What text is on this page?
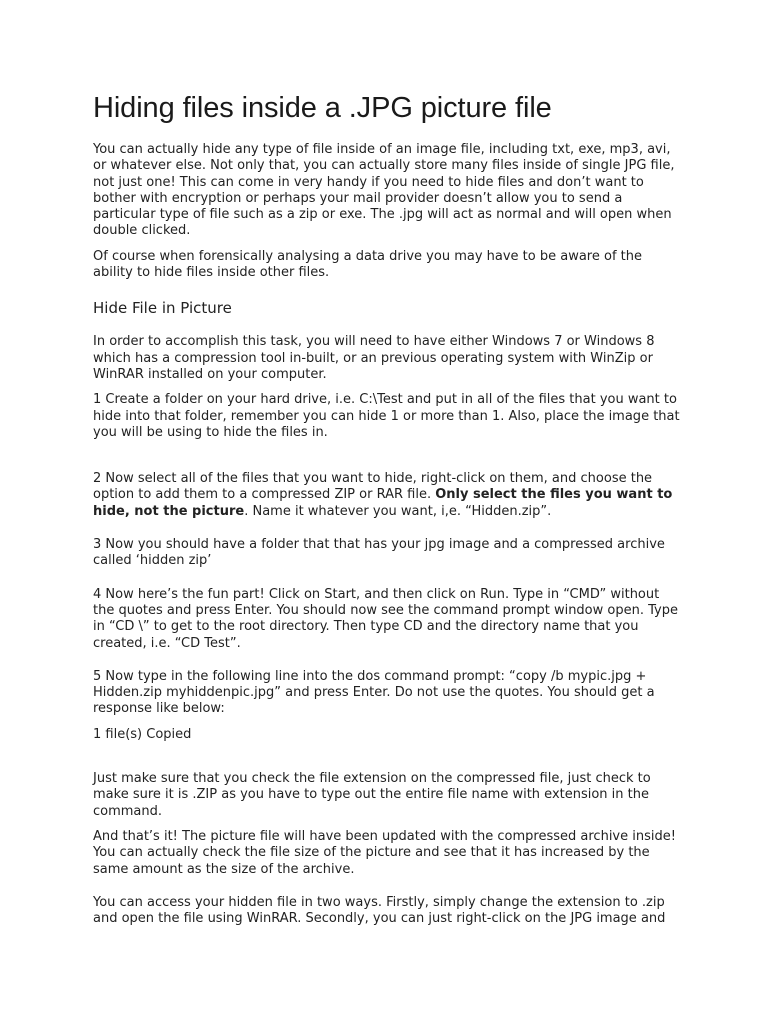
Hiding files inside a .JPG picture file

You can actually hide any type of file inside of an image file, including txt, exe, mp3, avi, or whatever else. Not only that, you can actually store many files inside of single JPG file, not just one! This can come in very handy if you need to hide files and don’t want to bother with encryption or perhaps your mail provider doesn’t allow you to send a particular type of file such as a zip or exe. The .jpg will act as normal and will open when double clicked.

Of course when forensically analysing a data drive you may have to be aware of the ability to hide files inside other files.

Hide File in Picture

In order to accomplish this task, you will need to have either Windows 7 or Windows 8 which has a compression tool in-built, or an previous operating system with WinZip or WinRAR installed on your computer.

1 Create a folder on your hard drive, i.e. C:\Test and put in all of the files that you want to hide into that folder, remember you can hide 1 or more than 1. Also, place the image that you will be using to hide the files in.

2 Now select all of the files that you want to hide, right-click on them, and choose the option to add them to a compressed ZIP or RAR file. Only select the files you want to hide, not the picture. Name it whatever you want, i,e. “Hidden.zip”.

3 Now you should have a folder that that has your jpg image and a compressed archive called ‘hidden zip’

4 Now here’s the fun part! Click on Start, and then click on Run. Type in “CMD” without the quotes and press Enter. You should now see the command prompt window open. Type in “CD \” to get to the root directory. Then type CD and the directory name that you created, i.e. “CD Test”.

5 Now type in the following line into the dos command prompt: “copy /b mypic.jpg + Hidden.zip myhiddenpic.jpg” and press Enter. Do not use the quotes. You should get a response like below:

1 file(s) Copied

Just make sure that you check the file extension on the compressed file, just check to make sure it is .ZIP as you have to type out the entire file name with extension in the command.

And that’s it! The picture file will have been updated with the compressed archive inside! You can actually check the file size of the picture and see that it has increased by the same amount as the size of the archive.

You can access your hidden file in two ways. Firstly, simply change the extension to .zip and open the file using WinRAR. Secondly, you can just right-click on the JPG image and
